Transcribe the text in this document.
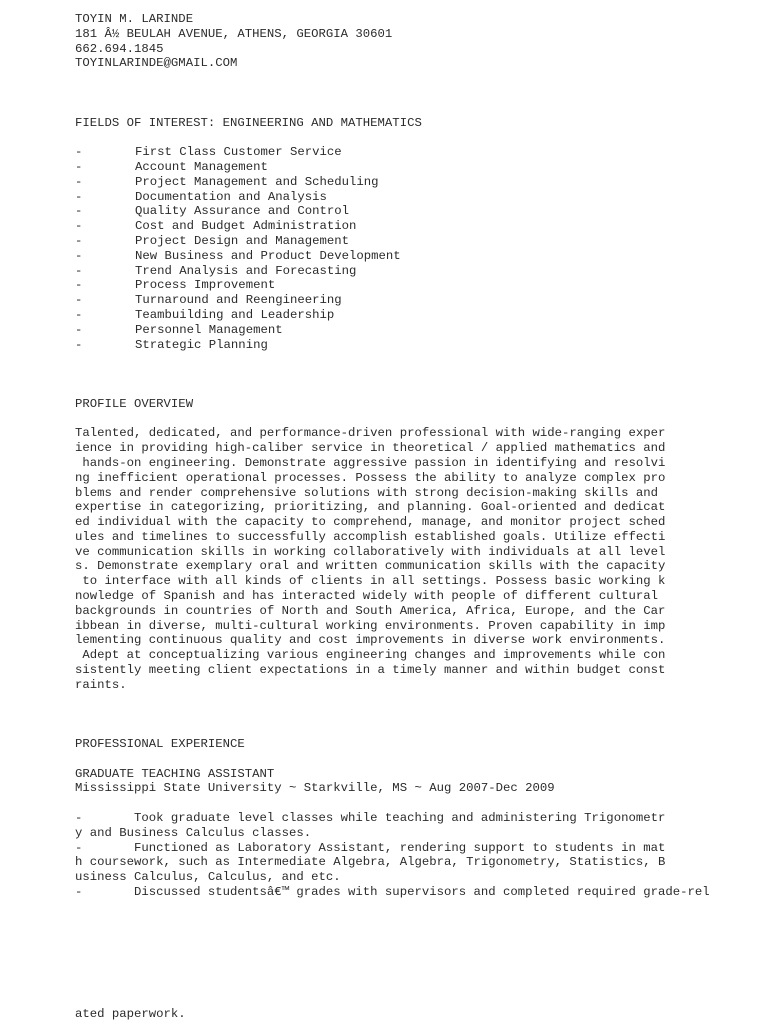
TOYIN M. LARINDE
181 Â½ BEULAH AVENUE, ATHENS, GEORGIA 30601
662.694.1845
TOYINLARINDE@GMAIL.COM
FIELDS OF INTEREST: ENGINEERING AND MATHEMATICS
-	First Class Customer Service
-	Account Management
-	Project Management and Scheduling
-	Documentation and Analysis
-	Quality Assurance and Control
-	Cost and Budget Administration
-	Project Design and Management
-	New Business and Product Development
-	Trend Analysis and Forecasting
-	Process Improvement
-	Turnaround and Reengineering
-	Teambuilding and Leadership
-	Personnel Management
-	Strategic Planning
PROFILE OVERVIEW
Talented, dedicated, and performance-driven professional with wide-ranging exper
ience in providing high-caliber service in theoretical / applied mathematics and
hands-on engineering. Demonstrate aggressive passion in identifying and resolvi
ng inefficient operational processes. Possess the ability to analyze complex pro
blems and render comprehensive solutions with strong decision-making skills and
expertise in categorizing, prioritizing, and planning. Goal-oriented and dedicat
ed individual with the capacity to comprehend, manage, and monitor project sched
ules and timelines to successfully accomplish established goals. Utilize effecti
ve communication skills in working collaboratively with individuals at all level
s. Demonstrate exemplary oral and written communication skills with the capacity
to interface with all kinds of clients in all settings. Possess basic working k
nowledge of Spanish and has interacted widely with people of different cultural
backgrounds in countries of North and South America, Africa, Europe, and the Car
ibbean in diverse, multi-cultural working environments. Proven capability in imp
lementing continuous quality and cost improvements in diverse work environments.
Adept at conceptualizing various engineering changes and improvements while con
sistently meeting client expectations in a timely manner and within budget const
raints.
PROFESSIONAL EXPERIENCE
GRADUATE TEACHING ASSISTANT
Mississippi State University ~ Starkville, MS ~ Aug 2007-Dec 2009
-       Took graduate level classes while teaching and administering Trigonometr
y and Business Calculus classes.
-       Functioned as Laboratory Assistant, rendering support to students in mat
h coursework, such as Intermediate Algebra, Algebra, Trigonometry, Statistics, B
usiness Calculus, Calculus, and etc.
-       Discussed studentsâ€™ grades with supervisors and completed required grade-rel
ated paperwork.
